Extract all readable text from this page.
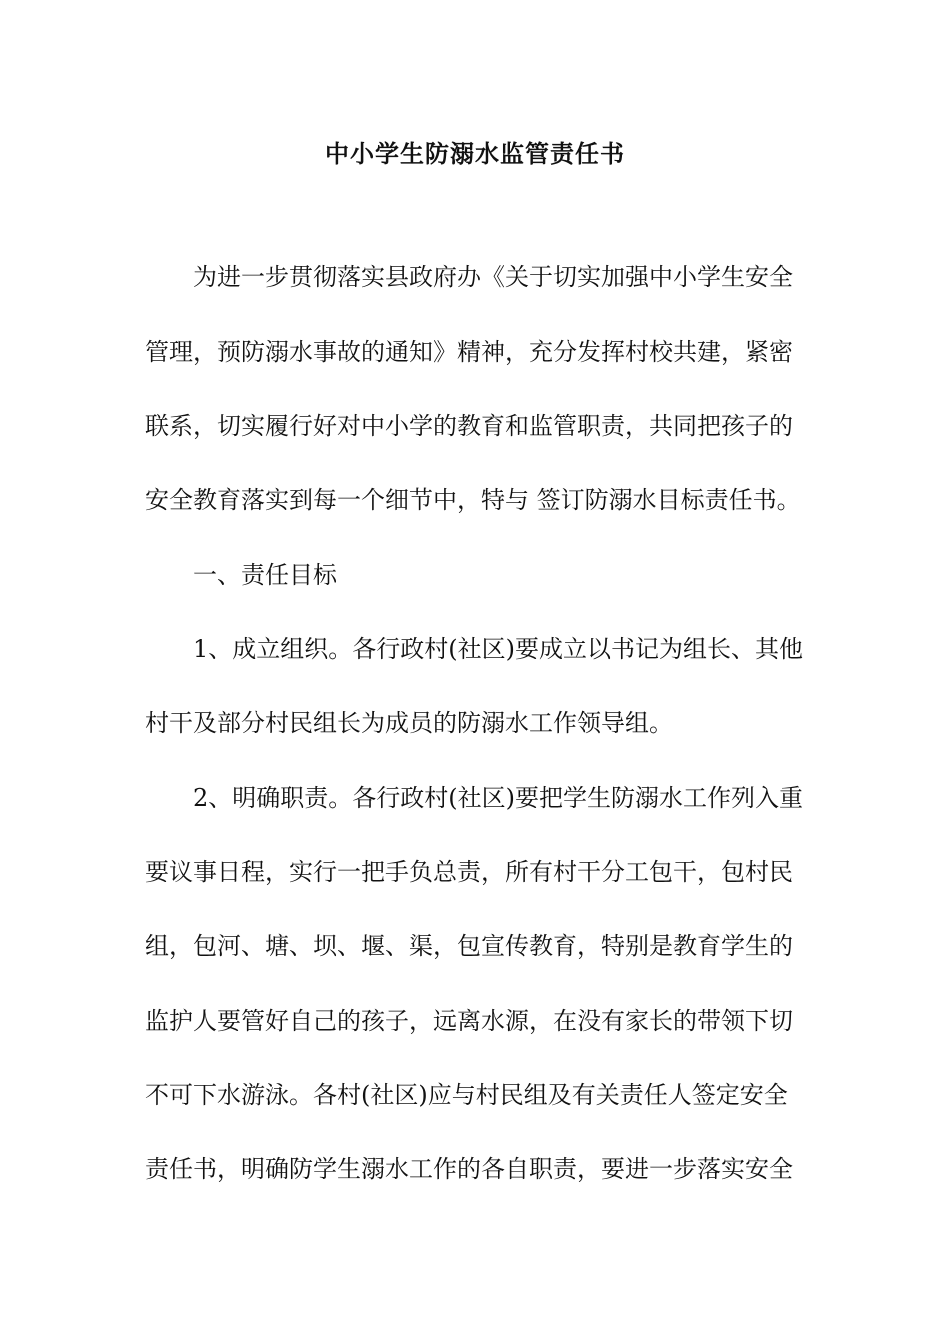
中小学生防溺水监管责任书
为进一步贯彻落实县政府办《关于切实加强中小学生安全
管理，预防溺水事故的通知》精神，充分发挥村校共建，紧密
联系，切实履行好对中小学的教育和监管职责，共同把孩子的
安全教育落实到每一个细节中，特与 签订防溺水目标责任书。
一、责任目标
1、成立组织。各行政村(社区)要成立以书记为组长、其他
村干及部分村民组长为成员的防溺水工作领导组。
2、明确职责。各行政村(社区)要把学生防溺水工作列入重
要议事日程，实行一把手负总责，所有村干分工包干，包村民
组，包河、塘、坝、堰、渠，包宣传教育，特别是教育学生的
监护人要管好自己的孩子，远离水源，在没有家长的带领下切
不可下水游泳。各村(社区)应与村民组及有关责任人签定安全
责任书，明确防学生溺水工作的各自职责，要进一步落实安全
